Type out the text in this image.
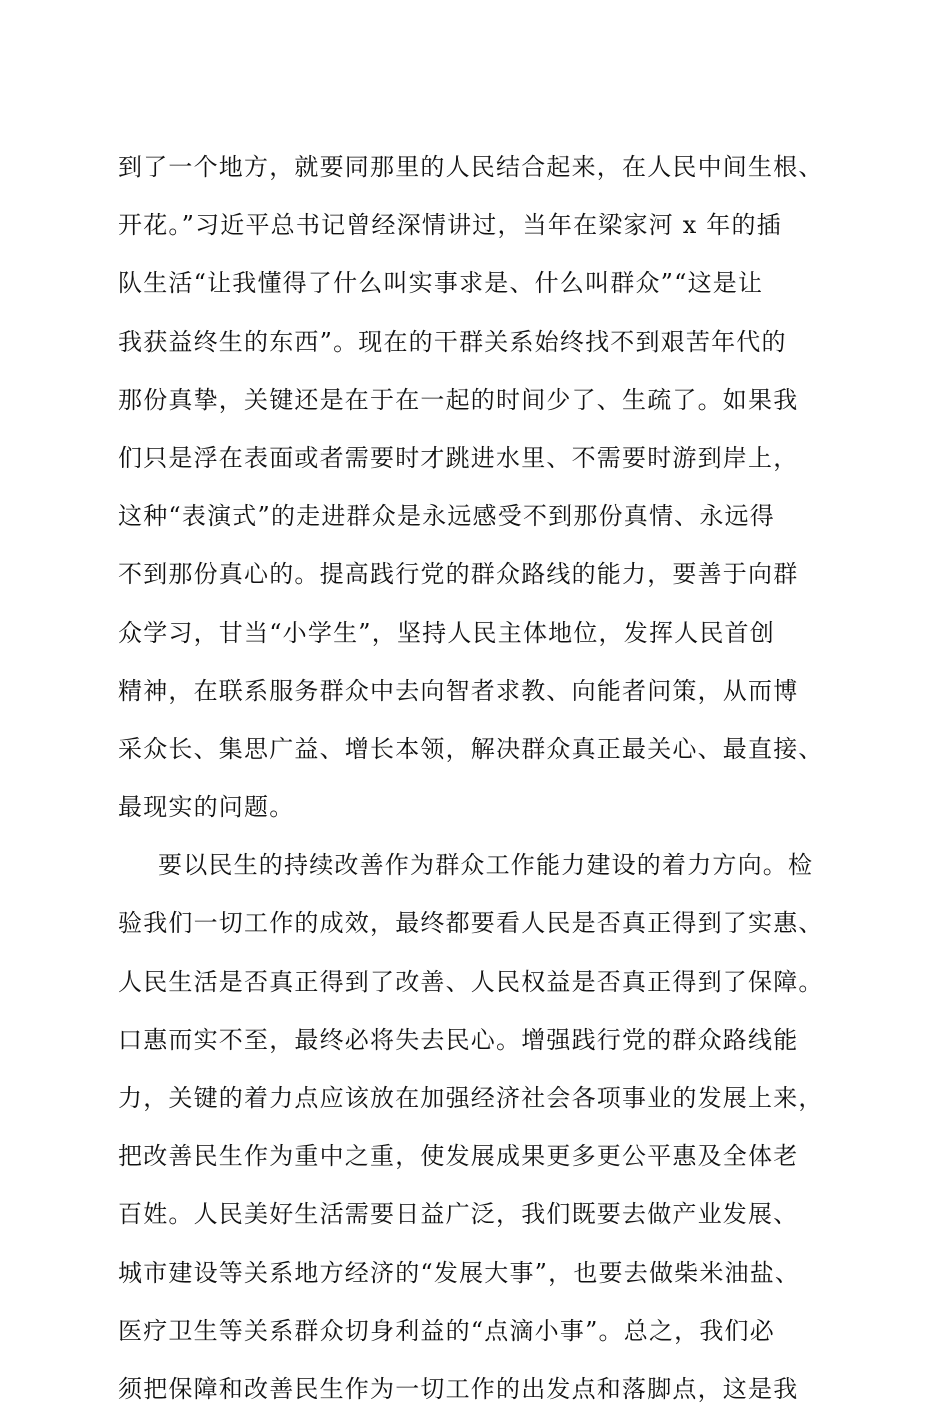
到了一个地方，就要同那里的人民结合起来，在人民中间生根、
开花。”习近平总书记曾经深情讲过，当年在梁家河 x 年的插
队生活“让我懂得了什么叫实事求是、什么叫群众”“这是让
我获益终生的东西”。现在的干群关系始终找不到艰苦年代的
那份真挚，关键还是在于在一起的时间少了、生疏了。如果我
们只是浮在表面或者需要时才跳进水里、不需要时游到岸上，
这种“表演式”的走进群众是永远感受不到那份真情、永远得
不到那份真心的。提高践行党的群众路线的能力，要善于向群
众学习，甘当“小学生”，坚持人民主体地位，发挥人民首创
精神，在联系服务群众中去向智者求教、向能者问策，从而博
采众长、集思广益、增长本领，解决群众真正最关心、最直接、
最现实的问题。
要以民生的持续改善作为群众工作能力建设的着力方向。检
验我们一切工作的成效，最终都要看人民是否真正得到了实惠、
人民生活是否真正得到了改善、人民权益是否真正得到了保障。
口惠而实不至，最终必将失去民心。增强践行党的群众路线能
力，关键的着力点应该放在加强经济社会各项事业的发展上来，
把改善民生作为重中之重，使发展成果更多更公平惠及全体老
百姓。人民美好生活需要日益广泛，我们既要去做产业发展、
城市建设等关系地方经济的“发展大事”，也要去做柴米油盐、
医疗卫生等关系群众切身利益的“点滴小事”。总之，我们必
须把保障和改善民生作为一切工作的出发点和落脚点，这是我
